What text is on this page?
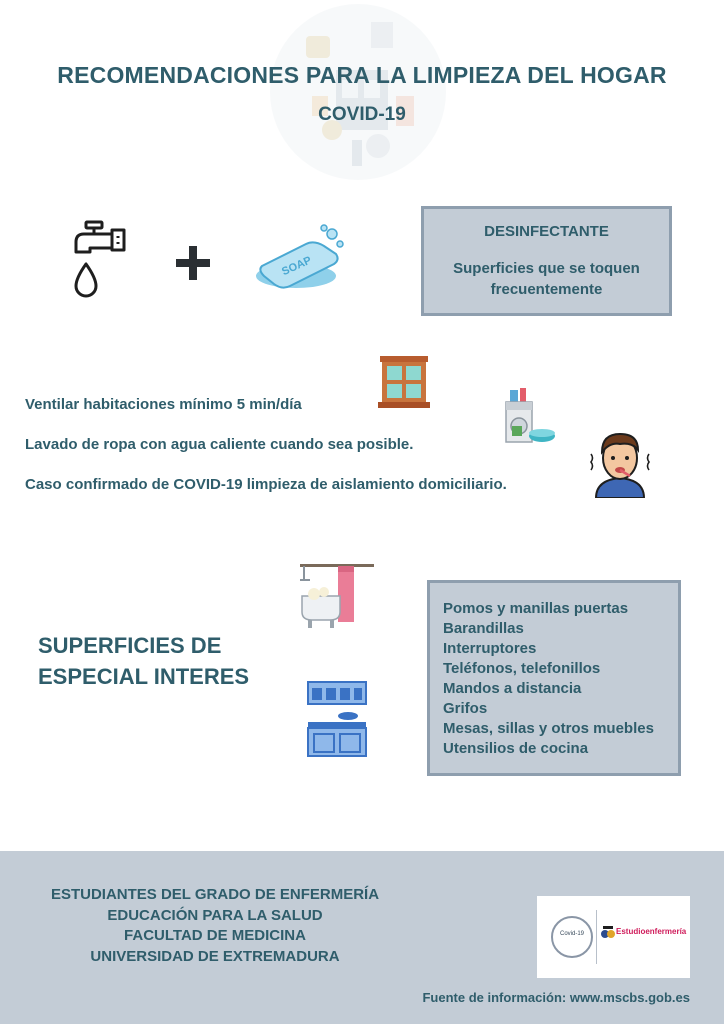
RECOMENDACIONES PARA LA LIMPIEZA DEL HOGAR
COVID-19
SOAP
DESINFECTANTE
Superficies que se toquen frecuentemente
Ventilar habitaciones mínimo 5 min/día
Lavado de ropa con agua caliente cuando sea posible.
Caso confirmado de COVID-19 limpieza de aislamiento domiciliario.
SUPERFICIES DE
ESPECIAL INTERES
Pomos y manillas puertas
Barandillas
Interruptores
Teléfonos, telefonillos
Mandos a distancia
Grifos
Mesas, sillas y otros muebles
Utensilios de cocina
ESTUDIANTES DEL GRADO DE ENFERMERÍA
EDUCACIÓN PARA LA SALUD
FACULTAD DE MEDICINA
UNIVERSIDAD DE EXTREMADURA
Covid-19	Estudioenfermería
Fuente de información: www.mscbs.gob.es
